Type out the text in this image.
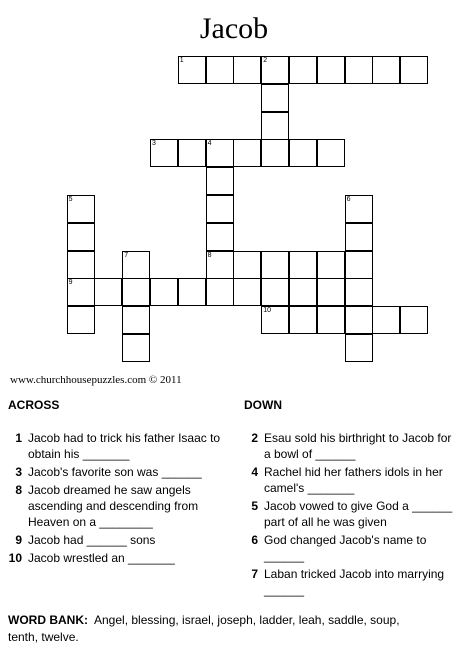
Jacob
1	2
3	4
8
5
9
6
7
10
www.churchhousepuzzles.com © 2011
ACROSS	DOWN
1 Jacob had to trick his father Isaac to obtain his _______
3 Jacob's favorite son was ______
8 Jacob dreamed he saw angels ascending and descending from Heaven on a ________
9 Jacob had ______ sons
10 Jacob wrestled an _______
2 Esau sold his birthright to Jacob for a bowl of ______
4 Rachel hid her fathers idols in her camel's _______
5 Jacob vowed to give God a ______ part of all he was given
6 God changed Jacob's name to ______
7 Laban tricked Jacob into marrying ______
WORD BANK: Angel, blessing, israel, joseph, ladder, leah, saddle, soup, tenth, twelve.
